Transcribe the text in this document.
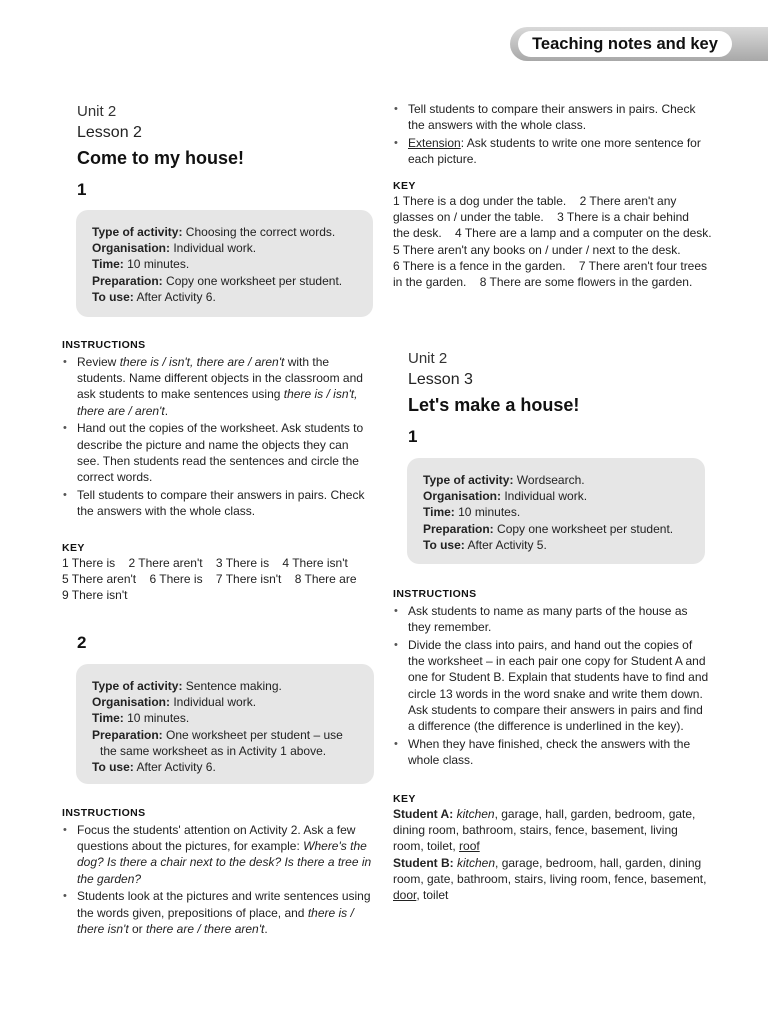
Teaching notes and key
Unit 2
Lesson 2
Come to my house!
1
Type of activity: Choosing the correct words.
Organisation: Individual work.
Time: 10 minutes.
Preparation: Copy one worksheet per student.
To use: After Activity 6.
INSTRUCTIONS
• Review there is / isn't, there are / aren't with the students. Name different objects in the classroom and ask students to make sentences using there is / isn't, there are / aren't.
• Hand out the copies of the worksheet. Ask students to describe the picture and name the objects they can see. Then students read the sentences and circle the correct words.
• Tell students to compare their answers in pairs. Check the answers with the whole class.
KEY
1 There is    2 There aren't    3 There is    4 There isn't
5 There aren't    6 There is    7 There isn't    8 There are
9 There isn't
2
Type of activity: Sentence making.
Organisation: Individual work.
Time: 10 minutes.
Preparation: One worksheet per student – use
the same worksheet as in Activity 1 above.
To use: After Activity 6.
INSTRUCTIONS
• Focus the students' attention on Activity 2. Ask a few questions about the pictures, for example: Where's the dog? Is there a chair next to the desk? Is there a tree in the garden?
• Students look at the pictures and write sentences using the words given, prepositions of place, and there is / there isn't or there are / there aren't.
• Tell students to compare their answers in pairs. Check the answers with the whole class.
• Extension: Ask students to write one more sentence for each picture.
KEY
1 There is a dog under the table.    2 There aren't any
glasses on / under the table.    3 There is a chair behind
the desk.    4 There are a lamp and a computer on the desk.
5 There aren't any books on / under / next to the desk.
6 There is a fence in the garden.    7 There aren't four trees
in the garden.    8 There are some flowers in the garden.
Unit 2
Lesson 3
Let's make a house!
1
Type of activity: Wordsearch.
Organisation: Individual work.
Time: 10 minutes.
Preparation: Copy one worksheet per student.
To use: After Activity 5.
INSTRUCTIONS
• Ask students to name as many parts of the house as they remember.
• Divide the class into pairs, and hand out the copies of the worksheet – in each pair one copy for Student A and one for Student B. Explain that students have to find and circle 13 words in the word snake and write them down. Ask students to compare their answers in pairs and find a difference (the difference is underlined in the key).
• When they have finished, check the answers with the whole class.
KEY
Student A: kitchen, garage, hall, garden, bedroom, gate, dining room, bathroom, stairs, fence, basement, living room, toilet, roof
Student B: kitchen, garage, bedroom, hall, garden, dining room, gate, bathroom, stairs, living room, fence, basement, door, toilet
